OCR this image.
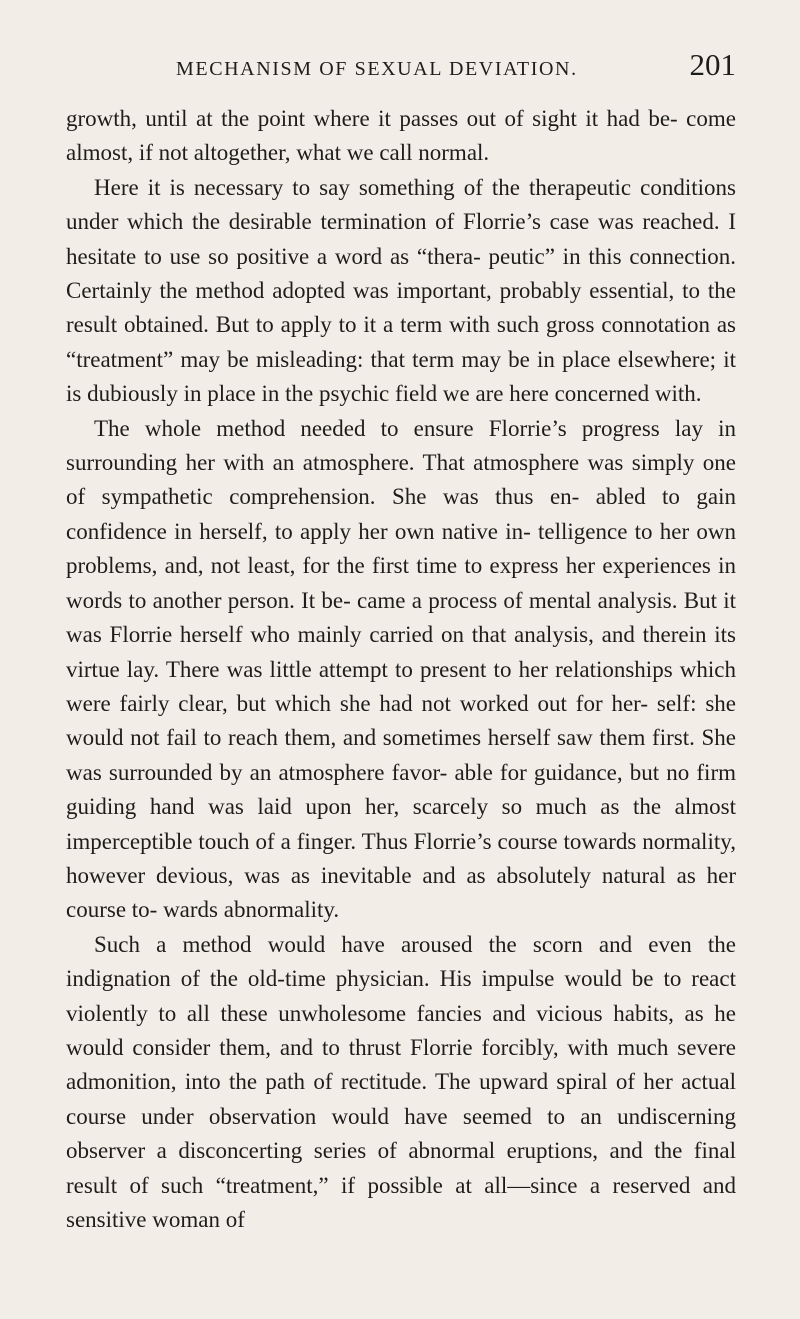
MECHANISM OF SEXUAL DEVIATION.	201

growth, until at the point where it passes out of sight it had be- come almost, if not altogether, what we call normal.

Here it is necessary to say something of the therapeutic conditions under which the desirable termination of Florrie’s case was reached. I hesitate to use so positive a word as “thera- peutic” in this connection. Certainly the method adopted was important, probably essential, to the result obtained. But to apply to it a term with such gross connotation as “treatment” may be misleading: that term may be in place elsewhere; it is dubiously in place in the psychic field we are here concerned with.

The whole method needed to ensure Florrie’s progress lay in surrounding her with an atmosphere. That atmosphere was simply one of sympathetic comprehension. She was thus en- abled to gain confidence in herself, to apply her own native in- telligence to her own problems, and, not least, for the first time to express her experiences in words to another person. It be- came a process of mental analysis. But it was Florrie herself who mainly carried on that analysis, and therein its virtue lay. There was little attempt to present to her relationships which were fairly clear, but which she had not worked out for her- self: she would not fail to reach them, and sometimes herself saw them first. She was surrounded by an atmosphere favor- able for guidance, but no firm guiding hand was laid upon her, scarcely so much as the almost imperceptible touch of a finger. Thus Florrie’s course towards normality, however devious, was as inevitable and as absolutely natural as her course to- wards abnormality.

Such a method would have aroused the scorn and even the indignation of the old-time physician. His impulse would be to react violently to all these unwholesome fancies and vicious habits, as he would consider them, and to thrust Florrie forcibly, with much severe admonition, into the path of rectitude. The upward spiral of her actual course under observation would have seemed to an undiscerning observer a disconcerting series of abnormal eruptions, and the final result of such “treatment,” if possible at all—since a reserved and sensitive woman of
